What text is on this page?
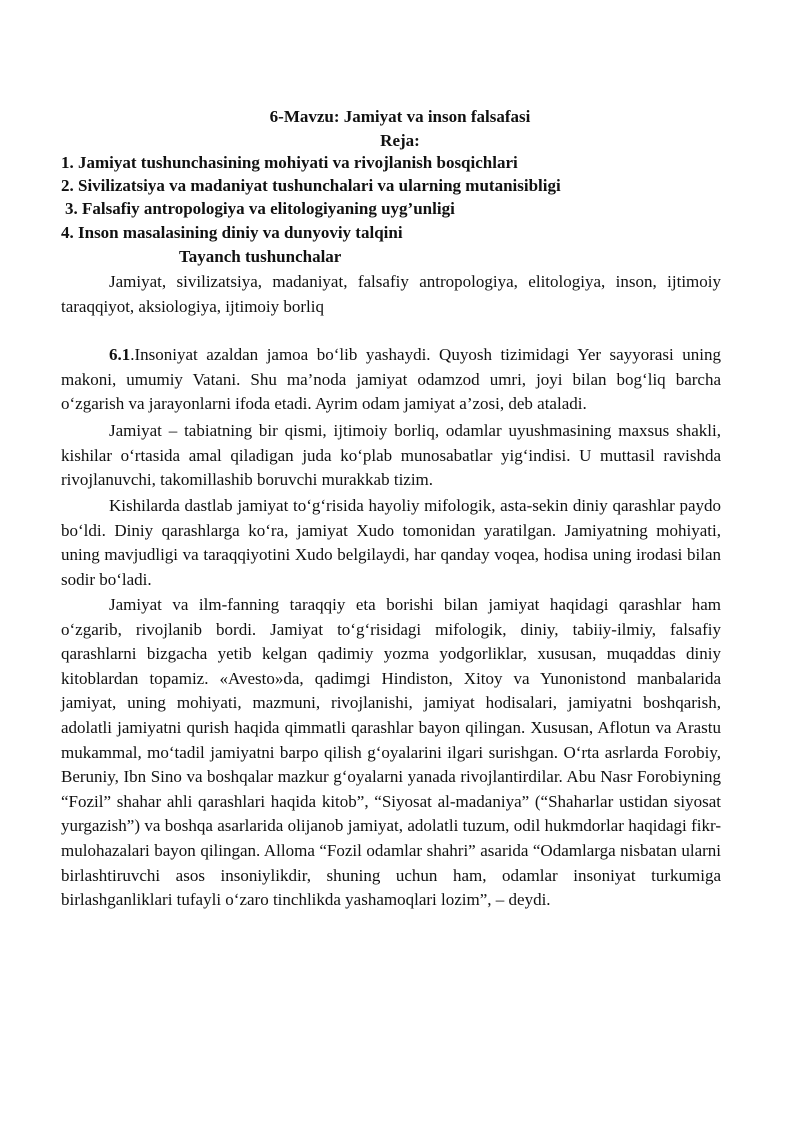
6-Mavzu: Jamiyat va inson falsafasi
Reja:
1. Jamiyat tushunchasining mohiyati va rivojlanish bosqichlari
2. Sivilizatsiya va madaniyat tushunchalari va ularning mutanisibligi
3. Falsafiy antropologiya va elitologiyaning uyg’unligi
4. Inson masalasining diniy va dunyoviy talqini
Tayanch tushunchalar
Jamiyat, sivilizatsiya, madaniyat, falsafiy antropologiya, elitologiya, inson, ijtimoiy taraqqiyot, aksiologiya, ijtimoiy borliq
6.1.Insoniyat azaldan jamoa bo‘lib yashaydi. Quyosh tizimidagi Yer sayyorasi uning makoni, umumiy Vatani. Shu ma’noda jamiyat odamzod umri, joyi bilan bog‘liq barcha o‘zgarish va jarayonlarni ifoda etadi. Ayrim odam jamiyat a’zosi, deb ataladi.
Jamiyat – tabiatning bir qismi, ijtimoiy borliq, odamlar uyushmasining maxsus shakli, kishilar o‘rtasida amal qiladigan juda ko‘plab munosabatlar yig‘indisi. U muttasil ravishda rivojlanuvchi, takomillashib boruvchi murakkab tizim.
Kishilarda dastlab jamiyat to‘g‘risida hayoliy mifologik, asta-sekin diniy qarashlar paydo bo‘ldi. Diniy qarashlarga ko‘ra, jamiyat Xudo tomonidan yaratilgan. Jamiyatning mohiyati, uning mavjudligi va taraqqiyotini Xudo belgilaydi, har qanday voqea, hodisa uning irodasi bilan sodir bo‘ladi.
Jamiyat va ilm-fanning taraqqiy eta borishi bilan jamiyat haqidagi qarashlar ham o‘zgarib, rivojlanib bordi. Jamiyat to‘g‘risidagi mifologik, diniy, tabiiy-ilmiy, falsafiy qarashlarni bizgacha yetib kelgan qadimiy yozma yodgorliklar, xususan, muqaddas diniy kitoblardan topamiz. «Avesto»da, qadimgi Hindiston, Xitoy va Yunonistond manbalarida jamiyat, uning mohiyati, mazmuni, rivojlanishi, jamiyat hodisalari, jamiyatni boshqarish, adolatli jamiyatni qurish haqida qimmatli qarashlar bayon qilingan. Xususan, Aflotun va Arastu mukammal, mo‘tadil jamiyatni barpo qilish g‘oyalarini ilgari surishgan. O‘rta asrlarda Forobiy, Beruniy, Ibn Sino va boshqalar mazkur g‘oyalarni yanada rivojlantirdilar. Abu Nasr Forobiyning “Fozil” shahar ahli qarashlari haqida kitob”, “Siyosat al-madaniya” (“Shaharlar ustidan siyosat yurgazish”) va boshqa asarlarida olijanob jamiyat, adolatli tuzum, odil hukmdorlar haqidagi fikr-mulohazalari bayon qilingan. Alloma “Fozil odamlar shahri” asarida “Odamlarga nisbatan ularni birlashtiruvchi asos insoniylikdir, shuning uchun ham, odamlar insoniyat turkumiga birlashganliklari tufayli o‘zaro tinchlikda yashamoqlari lozim”, – deydi.
